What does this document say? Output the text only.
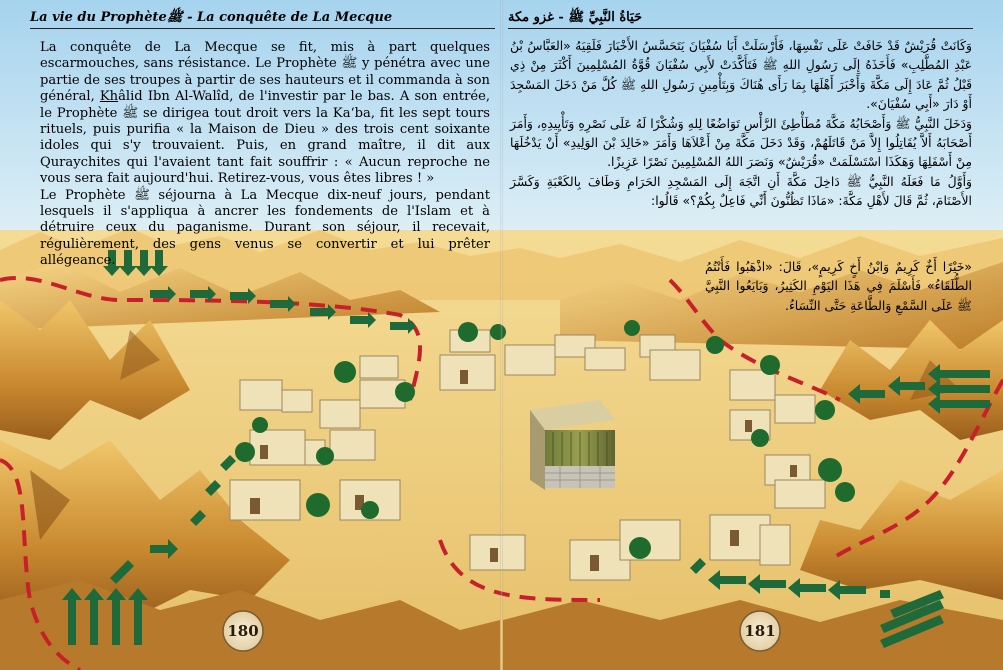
La vie du Prophèteﷺ - La conquête de La Mecque	حَيَاةُ النَّبِيِّ ﷺ - غزو مكة

La conquête de La Mecque se fit, mis à part quelques escarmouches, sans résistance. Le Prophète ﷺ y pénétra avec une partie de ses troupes à partir de ses hauteurs et il commanda à son général, Khâlid Ibn Al-Walîd, de l'investir par le bas. A son entrée, le Prophète ﷺ se dirigea tout droit vers la Ka‘ba, fit les sept tours rituels, puis purifia « la Maison de Dieu » des trois cent soixante idoles qui s'y trouvaient. Puis, en grand maître, il dit aux Quraychites qui l'avaient tant fait souffrir : « Aucun reproche ne vous sera fait aujourd'hui. Retirez-vous, vous êtes libres ! »

Le Prophète ﷺ séjourna à La Mecque dix-neuf jours, pendant lesquels il s'appliqua à ancrer les fondements de l'Islam et à détruire ceux du paganisme. Durant son séjour, il recevait, régulièrement, des gens venus se convertir et lui prêter allégeance.

وَكَانَتْ قُرَيْشٌ قَدْ خَافَتْ عَلَى نَفْسِهَا، فَأَرْسَلَتْ أَبَا سُفْيَانَ يَتَحَسَّسُ الأَخْبَارَ فَلَقِيَهُ «العَبَّاسُ بْنُ عَبْدِ المُطَّلِبِ» فَأَخَذَهُ إِلَى رَسُولِ اللهِ ﷺ فَتَأَكَّدَتْ لأَبِي سُفْيَانَ قُوَّةُ المُسْلِمِينَ أَكْثَرَ مِنْ ذِي قَبْلُ ثُمَّ عَادَ إِلَى مَكَّةَ وَأَخْبَرَ أَهْلَهَا بِمَا رَأَى هُنَاكَ وَبِتَأْمِينِ رَسُولِ اللهِ ﷺ كُلَّ مَنْ دَخَلَ المَسْجِدَ أَوْ دَارَ «أَبِي سُفْيَانَ».

وَدَخَلَ النَّبِيُّ ﷺ وَأَصْحَابُهُ مَكَّةَ مُطَأْطِئَ الرَّأْسِ تَوَاضُعًا لِلهِ وَشُكْرًا لَهُ عَلَى نَصْرِهِ وَتَأْيِيدِهِ، وَأَمَرَ أَصْحَابَهُ أَلاَّ يُقَاتِلُوا إِلاَّ مَنْ قَاتَلَهُمْ، وَقَدْ دَخَلَ مَكَّةَ مِنْ أَعْلاَهَا وَأَمَرَ «خَالِدَ بْنَ الوَلِيدِ» أَنْ يَدْخُلَهَا مِنْ أَسْفَلِهَا وَهَكَذَا اسْتَسْلَمَتْ «قُرَيْشٌ» وَنَصَرَ اللهُ المُسْلِمِينَ نَصْرًا عَزِيزًا.

وَأَوَّلُ مَا فَعَلَهُ النَّبِيُّ ﷺ دَاخِلَ مَكَّةَ أَنِ اتَّجَهَ إِلَى المَسْجِدِ الحَرَامِ وَطَافَ بِالكَعْبَةِ وَكَسَّرَ الأَصْنَامَ، ثُمَّ قَالَ لأَهْلِ مَكَّةَ: «مَاذَا تَظُنُّونَ أَنِّي فَاعِلٌ بِكُمْ؟» قَالُوا:

«خَيْرًا أَخٌ كَرِيمٌ وَابْنُ أَخٍ كَرِيمٍ»، قَالَ: «اذْهَبُوا فَأَنْتُمُ الطُّلَقَاءُ» فَأَسْلَمَ فِي هَذَا اليَوْمِ الكَثِيرُ، وَبَايَعُوا النَّبِيَّ ﷺ عَلَى السَّمْعِ وَالطَّاعَةِ حَتَّى النِّسَاءُ.

180	181
